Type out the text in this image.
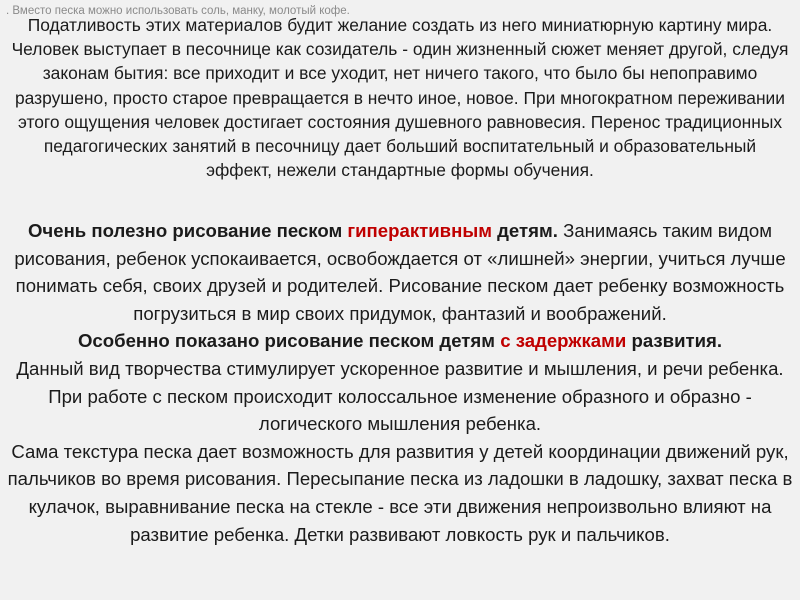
. Вместо песка можно использовать соль, манку, молотый кофе.
Податливость этих материалов будит желание создать из него миниатюрную картину мира. Человек выступает в песочнице как созидатель - один жизненный сюжет меняет другой, следуя законам бытия: все приходит и все уходит, нет ничего такого, что было бы непоправимо разрушено, просто старое превращается в нечто иное, новое. При многократном переживании этого ощущения человек достигает состояния душевного равновесия. Перенос традиционных педагогических занятий в песочницу дает больший воспитательный и образовательный эффект, нежели стандартные формы обучения.
Очень полезно рисование песком гиперактивным детям. Занимаясь таким видом рисования, ребенок успокаивается, освобождается от «лишней» энергии, учиться лучше понимать себя, своих друзей и родителей. Рисование песком дает ребенку возможность погрузиться в мир своих придумок, фантазий и воображений.
Особенно показано рисование песком детям с задержками развития.
Данный вид творчества стимулирует ускоренное развитие и мышления, и речи ребенка. При работе с песком происходит колоссальное изменение образного и образно - логического мышления ребенка.
Сама текстура песка дает возможность для развития у детей координации движений рук, пальчиков во время рисования. Пересыпание песка из ладошки в ладошку, захват песка в кулачок, выравнивание песка на стекле - все эти движения непроизвольно влияют на развитие ребенка. Детки развивают ловкость рук и пальчиков.
